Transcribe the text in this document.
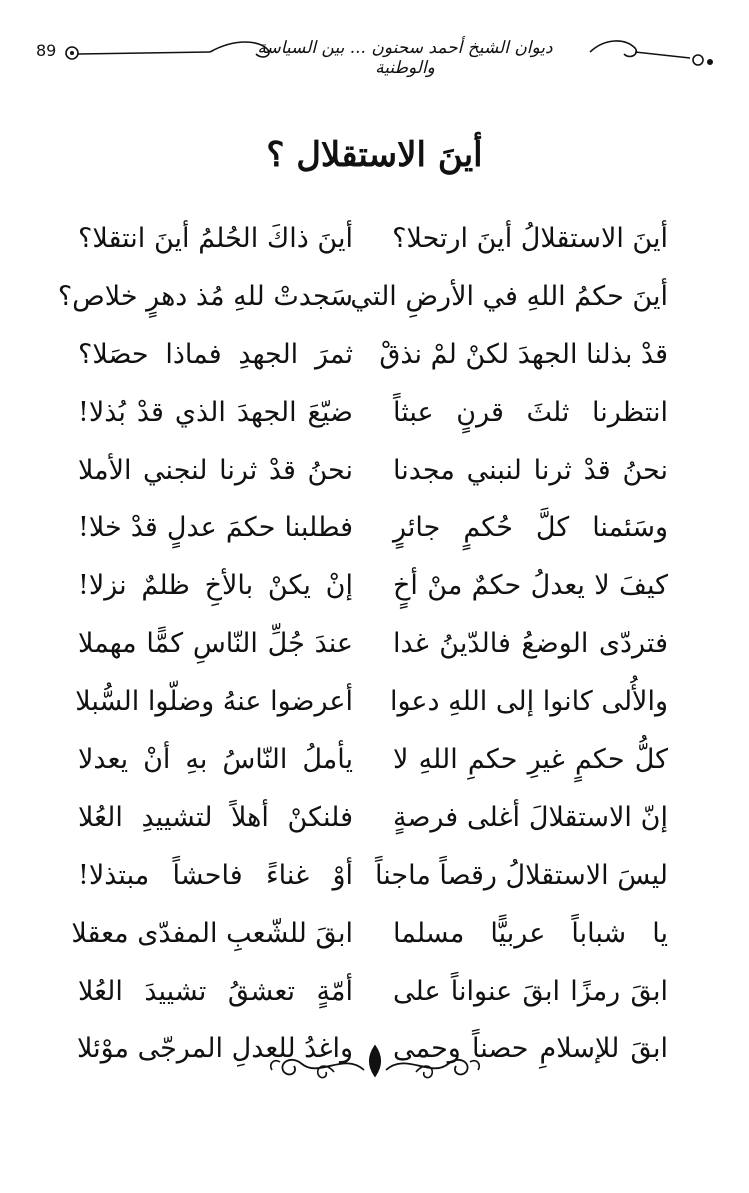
89	ديوان الشيخ أحمد سحنون ... بين السياسة والوطنية
أينَ الاستقلال ؟
أينَ الاستقلالُ أينَ ارتحلا؟
أينَ ذاكَ الحُلمُ أينَ انتقلا؟
أينَ حكمُ اللهِ في الأرضِ التي
سَجدتْ للهِ مُذ دهرٍ خلاص؟
قدْ بذلنا الجهدَ لكنْ لمْ نذقْ
ثمرَ الجهدِ فماذا حصَلا؟
انتظرنا ثلثَ قرنٍ عبثاً
ضيّعَ الجهدَ الذي قدْ بُذلا!
نحنُ قدْ ثرنا لنبني مجدنا
نحنُ قدْ ثرنا لنجني الأملا
وسَئمنا كلَّ حُكمٍ جائرٍ
فطلبنا حكمَ عدلٍ قدْ خلا!
كيفَ لا يعدلُ حكمٌ منْ أخٍ
إنْ يكنْ بالأخِ ظلمٌ نزلا!
فتردّى الوضعُ فالدّينُ غدا
عندَ جُلِّ النّاسِ كمًّا مهملا
والأُلى كانوا إلى اللهِ دعوا
أعرضوا عنهُ وضلّوا السُّبلا
كلُّ حكمٍ غيرِ حكمِ اللهِ لا
يأملُ النّاسُ بهِ أنْ يعدلا
إنّ الاستقلالَ أغلى فرصةٍ
فلنكنْ أهلاً لتشييدِ العُلا
ليسَ الاستقلالُ رقصاً ماجناً
أوْ غناءً فاحشاً مبتذلا!
يا شباباً عربيًّا مسلما
ابقَ للشّعبِ المفدّى معقلا
ابقَ رمزًا ابقَ عنواناً على
أمّةٍ تعشقُ تشييدَ العُلا
ابقَ للإسلامِ حصناً وحمى
واغدُ للعدلِ المرجّى موْئلا
